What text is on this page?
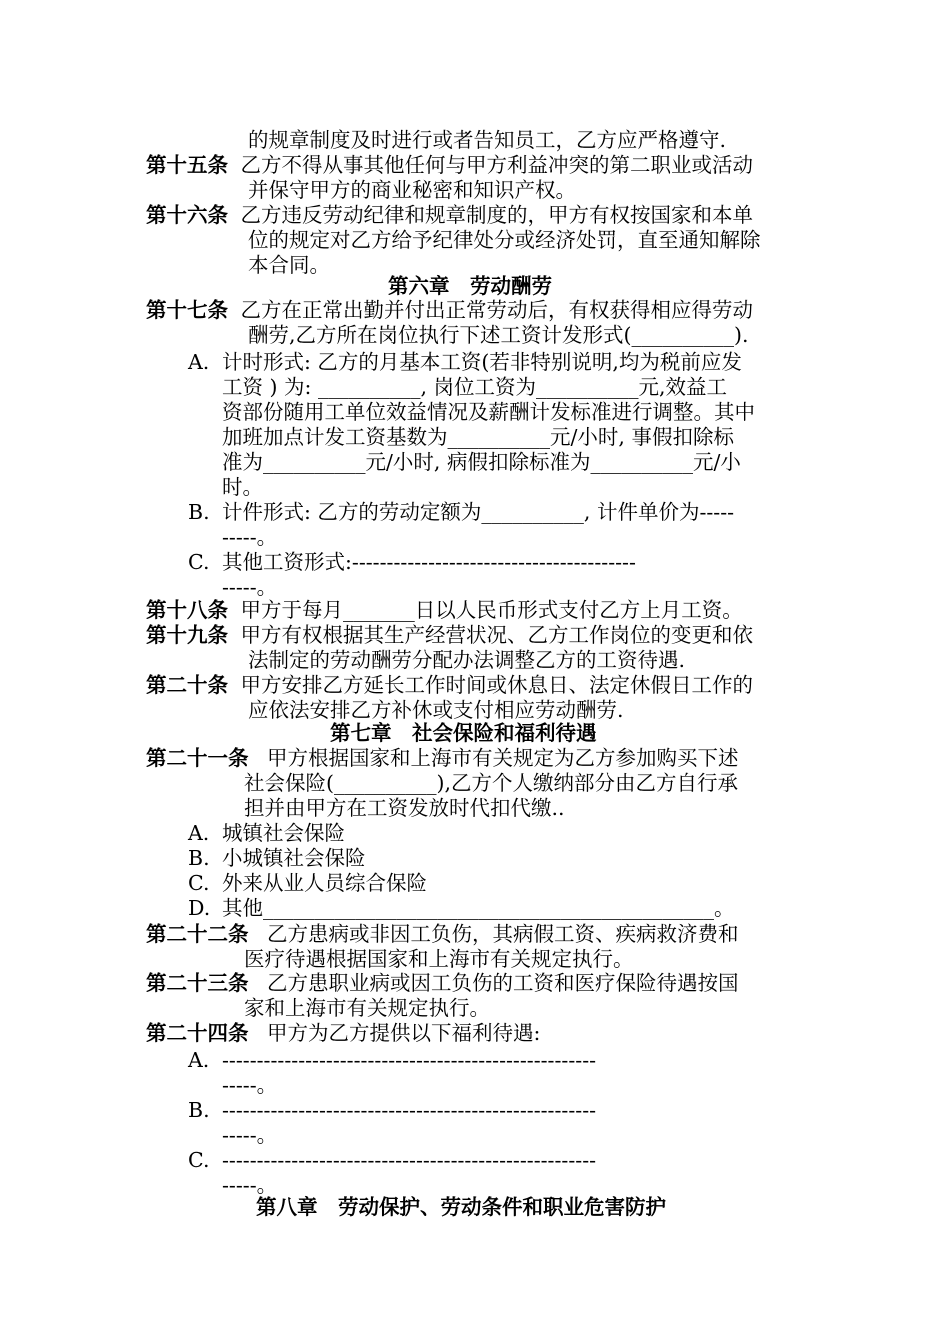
的规章制度及时进行或者告知员工，乙方应严格遵守.
第十五条 乙方不得从事其他任何与甲方利益冲突的第二职业或活动
并保守甲方的商业秘密和知识产权。
第十六条 乙方违反劳动纪律和规章制度的，甲方有权按国家和本单
位的规定对乙方给予纪律处分或经济处罚，直至通知解除
本合同。
第六章　劳动酬劳
第十七条 乙方在正常出勤并付出正常劳动后，有权获得相应得劳动
酬劳,乙方所在岗位执行下述工资计发形式(__________).
A. 计时形式: 乙方的月基本工资(若非特别说明,均为税前应发
工资 ) 为: __________, 岗位工资为__________元,效益工
资部份随用工单位效益情况及薪酬计发标准进行调整。其中
加班加点计发工资基数为__________元/小时, 事假扣除标
准为__________元/小时, 病假扣除标准为__________元/小
时。
B. 计件形式: 乙方的劳动定额为__________, 计件单价为-----
-----。
C. 其他工资形式:-----------------------------------------
-----。
第十八条 甲方于每月_______日以人民币形式支付乙方上月工资。
第十九条 甲方有权根据其生产经营状况、乙方工作岗位的变更和依
法制定的劳动酬劳分配办法调整乙方的工资待遇.
第二十条 甲方安排乙方延长工作时间或休息日、法定休假日工作的
应依法安排乙方补休或支付相应劳动酬劳.
第七章　社会保险和福利待遇
第二十一条 甲方根据国家和上海市有关规定为乙方参加购买下述
社会保险(__________),乙方个人缴纳部分由乙方自行承
担并由甲方在工资发放时代扣代缴..
A. 城镇社会保险
B. 小城镇社会保险
C. 外来从业人员综合保险
D. 其他____________________________________________。
第二十二条 乙方患病或非因工负伤，其病假工资、疾病救济费和
医疗待遇根据国家和上海市有关规定执行。
第二十三条 乙方患职业病或因工负伤的工资和医疗保险待遇按国
家和上海市有关规定执行。
第二十四条 甲方为乙方提供以下福利待遇:
A. ------------------------------------------------------
-----。
B. ------------------------------------------------------
-----。
C. ------------------------------------------------------
-----。
第八章　劳动保护、劳动条件和职业危害防护
